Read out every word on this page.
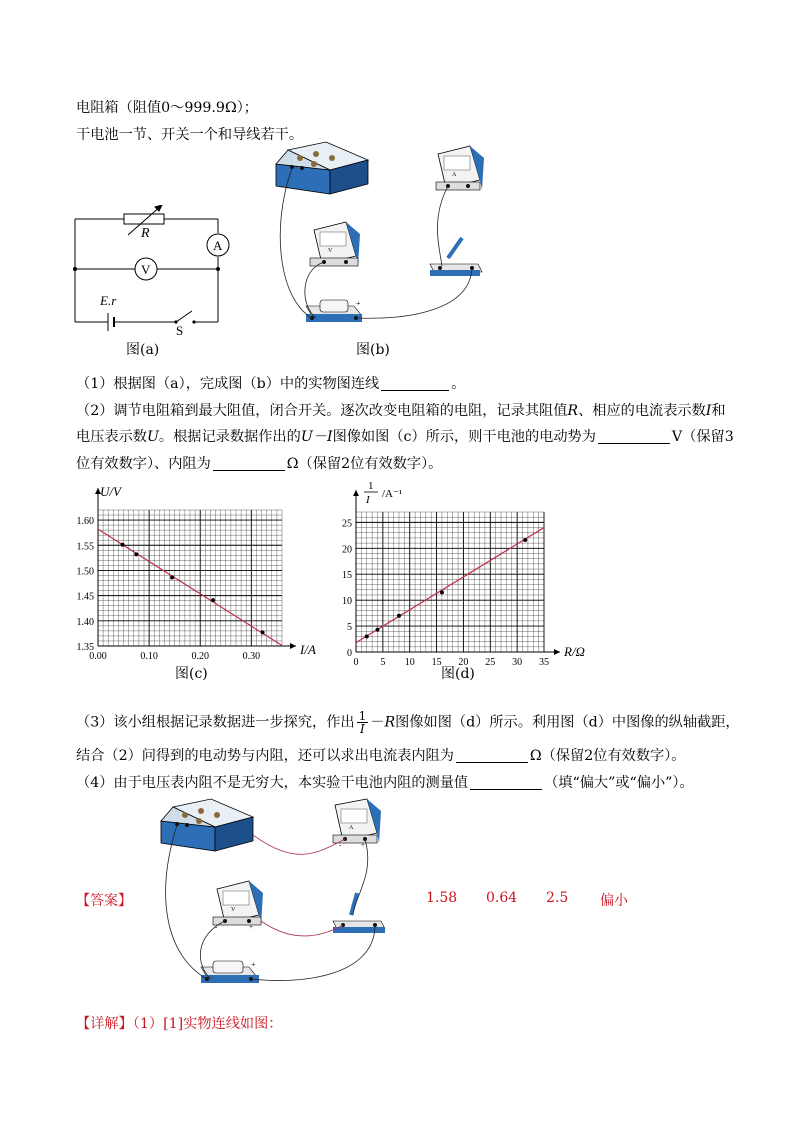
电阻箱（阻值0～999.9Ω）；
干电池一节、开关一个和导线若干。
R
A
V
E.r
S
图(a)
A
V
+
图(b)
（1）根据图（a），完成图（b）中的实物图连线	。
（2）调节电阻箱到最大阻值，闭合开关。逐次改变电阻箱的电阻，记录其阻值R、相应的电流表示数I和
电压表示数U。根据记录数据作出的U－I图像如图（c）所示，则干电池的电动势为	V（保留3
位有效数字）、内阻为	Ω（保留2位有效数字）。
0.00	0.10	0.20	0.30
1.35
1.40
1.45
1.50
1.55
1.60
U/V
I/A
图(c)
0 5 10 15 20 25 30 35
0
5
10
15
20
25
1
I /A⁻¹
R/Ω
图(d)
（3）该小组根据记录数据进一步探究，作出 $\frac{1}{I} -R$图像如图（d）所示。利用图（d）中图像的纵轴截距，
结合（2）问得到的电动势与内阻，还可以求出电流表内阻为	Ω（保留2位有效数字）。
（4）由于电压表内阻不是无穷大，本实验干电池内阻的测量值	（填“偏大”或“偏小”）。
A
-	+
V
-	+
+
【答案】	1.58 0.64 2.5 偏小
【详解】（1）[1]实物连线如图：
